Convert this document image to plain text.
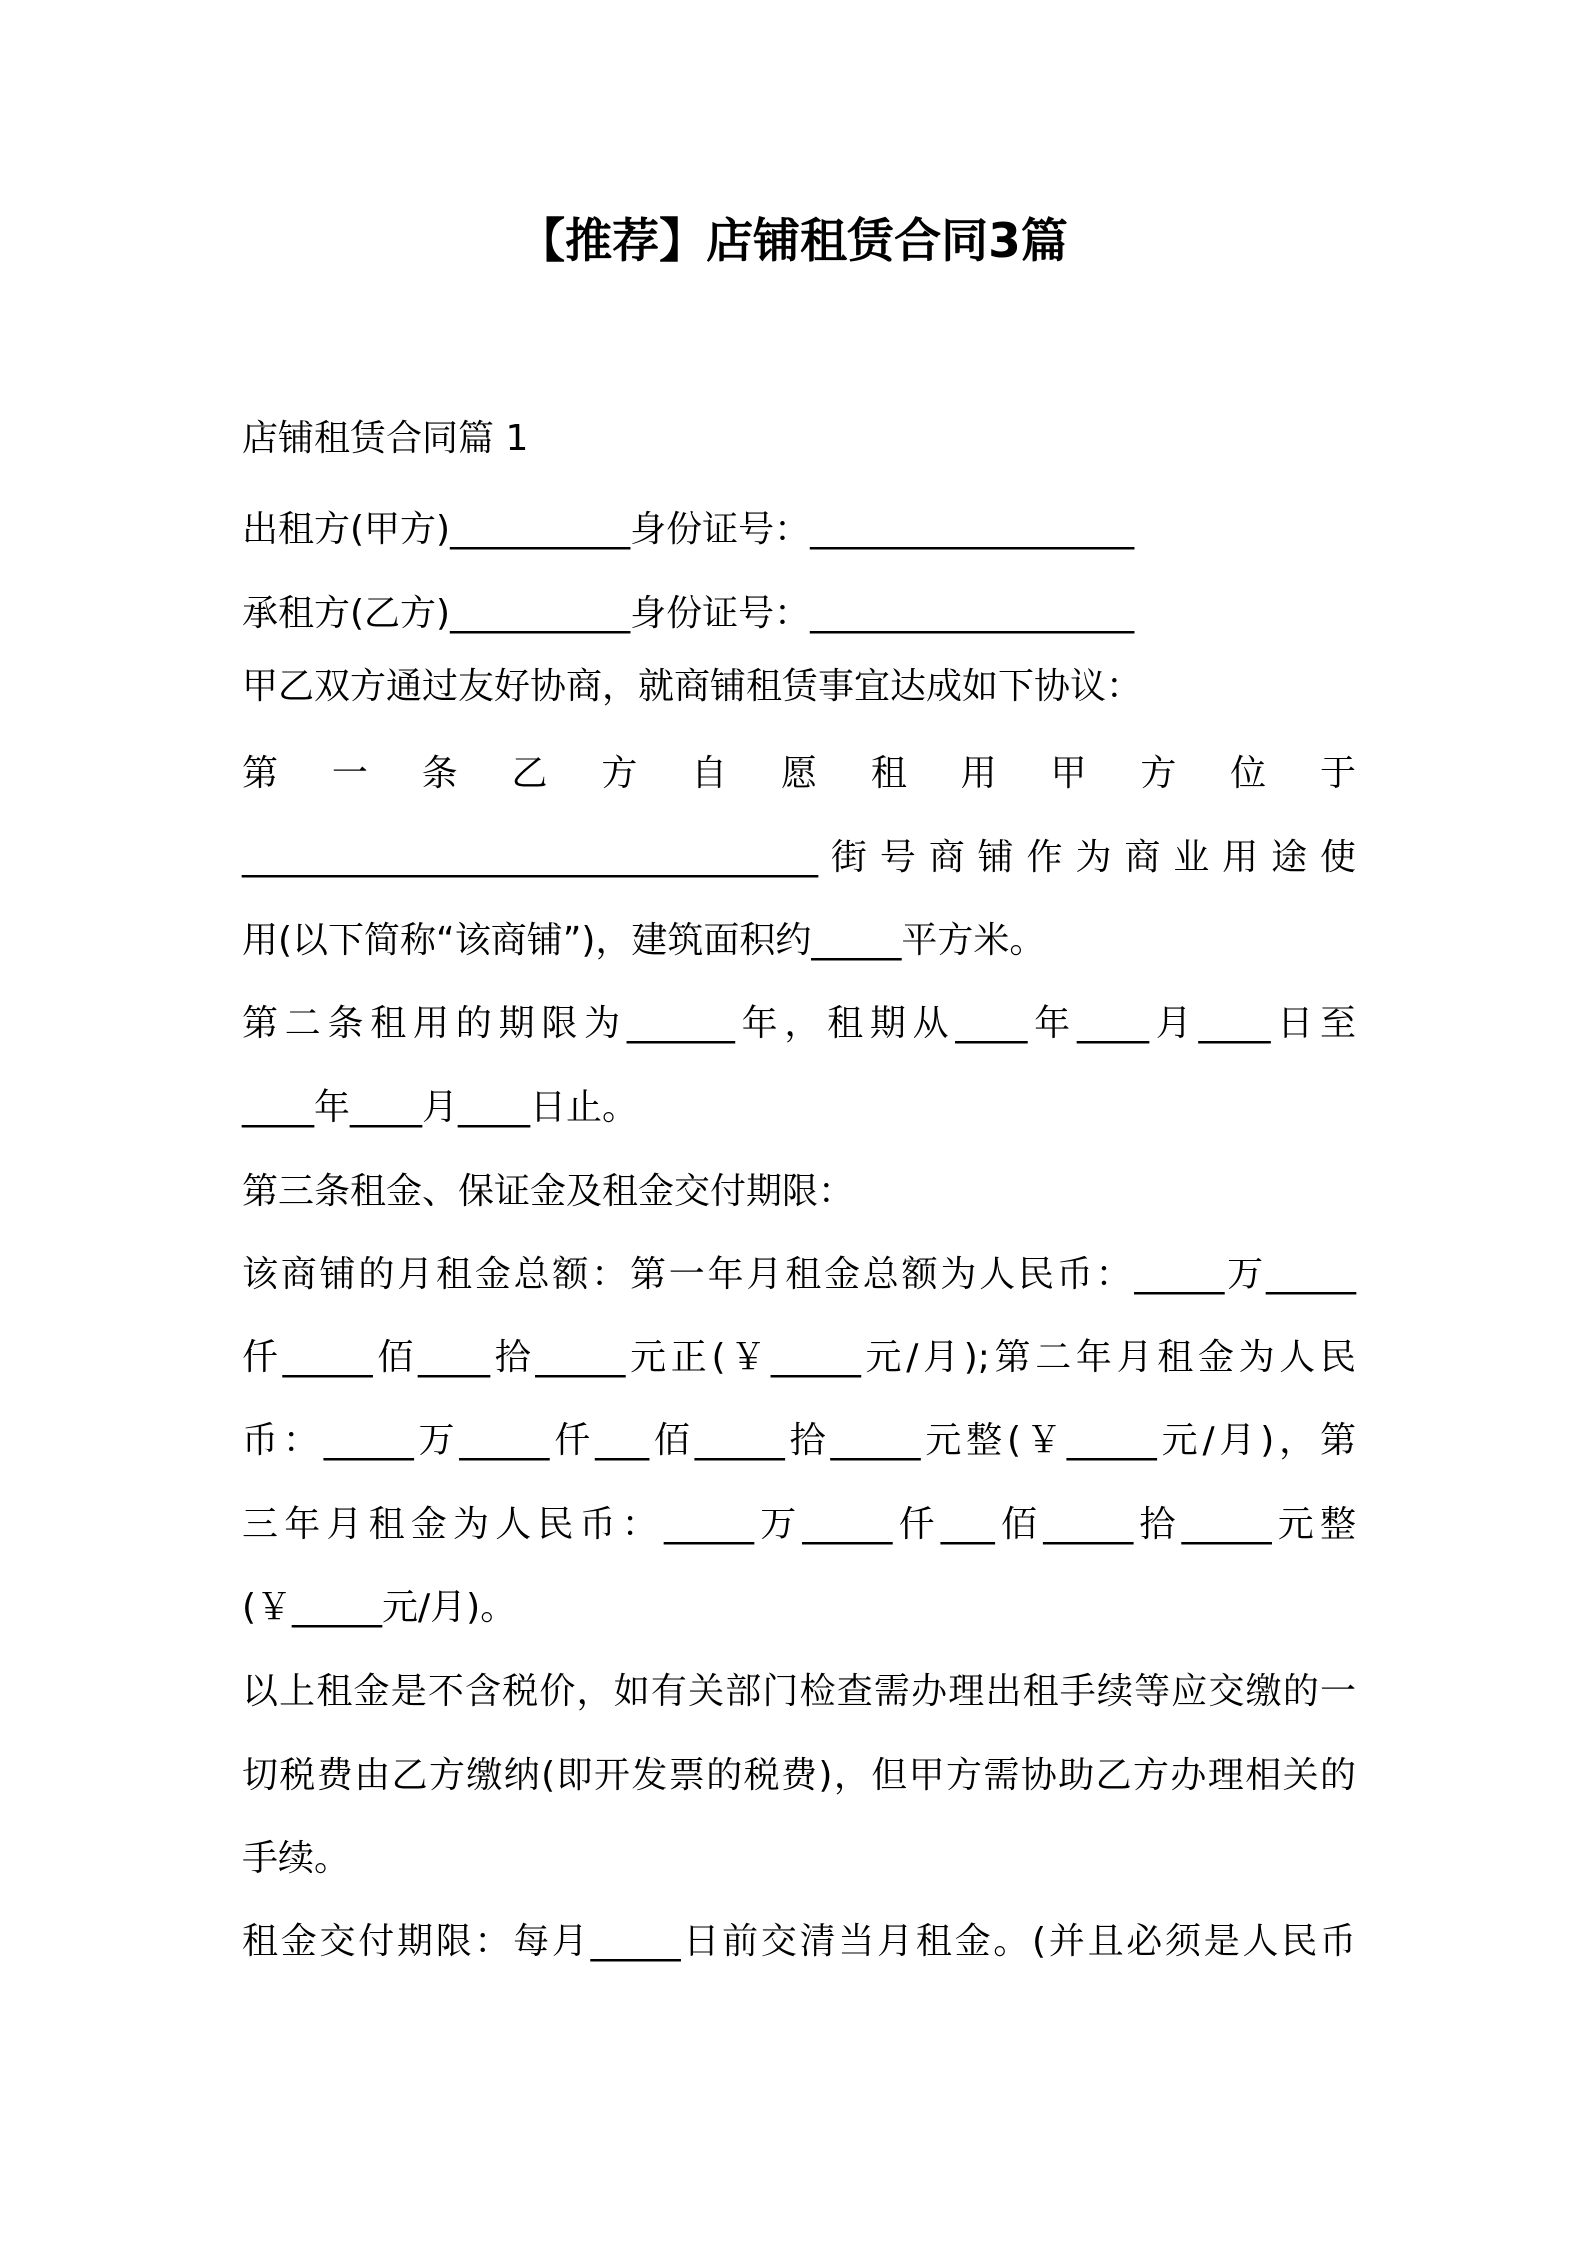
【推荐】店铺租赁合同3篇
店铺租赁合同篇 1
出租方(甲方)__________身份证号：__________________
承租方(乙方)__________身份证号：__________________
甲乙双方通过友好协商，就商铺租赁事宜达成如下协议：
第一条乙方自愿租用甲方位于
________________________________街号商铺作为商业用途使
用(以下简称“该商铺”)，建筑面积约_____平方米。
第二条租用的期限为______年，租期从____年____月____日至
____年____月____日止。
第三条租金、保证金及租金交付期限：
该商铺的月租金总额：第一年月租金总额为人民币：_____万_____
仟_____佰____拾_____元正(￥_____元/月);第二年月租金为人民
币：_____万_____仟___佰_____拾_____元整(￥_____元/月)，第
三年月租金为人民币：_____万_____仟___佰_____拾_____元整
(￥_____元/月)。
以上租金是不含税价，如有关部门检查需办理出租手续等应交缴的一
切税费由乙方缴纳(即开发票的税费)，但甲方需协助乙方办理相关的
手续。
租金交付期限：每月_____日前交清当月租金。(并且必须是人民币
